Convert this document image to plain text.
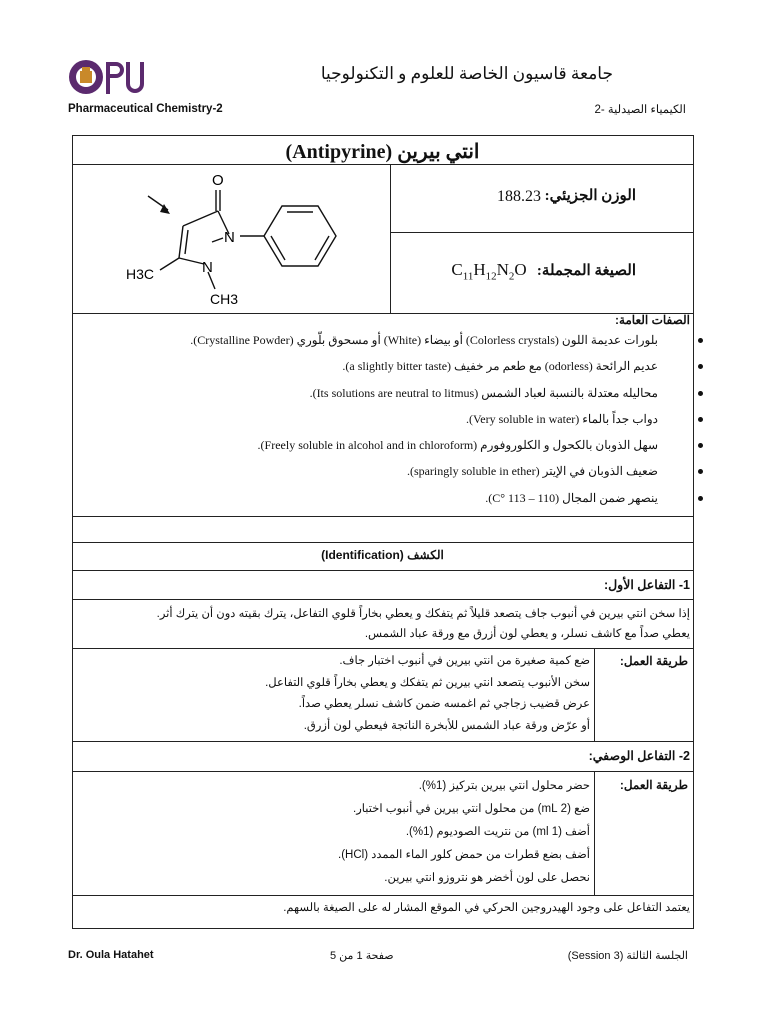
جامعة قاسيون الخاصة للعلوم و التكنولوجيا
Pharmaceutical Chemistry-2	الكيمياء الصيدلية -2
انتي بيرين (Antipyrine)
O
N
N
H3C
CH3
الوزن الجزيئي:
188.23
$C_{11}H_{12}N_2O$ الصيغة المجملة:
الصفات العامة:
بلورات عديمة اللون (Colorless crystals) أو بيضاء (White) أو مسحوق بلّوري (Crystalline Powder).
عديم الرائحة (odorless) مع طعم مر خفيف (a slightly bitter taste).
محاليله معتدلة بالنسبة لعباد الشمس (Its solutions are neutral to litmus).
دواب جداً بالماء (Very soluble in water).
سهل الذوبان بالكحول و الكلوروفورم (Freely soluble in alcohol and in chloroform).
ضعيف الذوبان في الإيتر (sparingly soluble in ether).
ينصهر ضمن المجال (110 – 113 °C).
الكشف (Identification)
1- التفاعل الأول:
إذا سخن انتي بيرين في أنبوب جاف يتصعد قليلاً ثم يتفكك و يعطي بخاراً قلوي التفاعل، يترك بقيته دون أن يترك أثر.
يعطي صداً مع كاشف نسلر، و يعطي لون أزرق مع ورقة عباد الشمس.
طريقة العمل:
ضع كمية صغيرة من انتي بيرين في أنبوب اختبار جاف.
سخن الأنبوب يتصعد انتي بيرين ثم يتفكك و يعطي بخاراً قلوي التفاعل.
عرض قضيب زجاجي ثم اغمسه ضمن كاشف نسلر يعطي صداً.
أو عرّض ورقة عباد الشمس للأبخرة الناتجة فيعطي لون أزرق.
2- التفاعل الوصفي:
طريقة العمل:
حضر محلول انتي بيرين بتركيز (1%).
ضع (2 mL) من محلول انتي بيرين في أنبوب اختبار.
أضف (1 ml) من نتريت الصوديوم (1%).
أضف بضع قطرات من حمض كلور الماء الممدد (HCl).
نحصل على لون أخضر هو نتروزو انتي بيرين.
يعتمد التفاعل على وجود الهيدروجين الحركي في الموقع المشار له على الصيغة بالسهم.
Dr. Oula Hatahet	صفحة 1 من 5	الجلسة الثالثة (Session 3)
